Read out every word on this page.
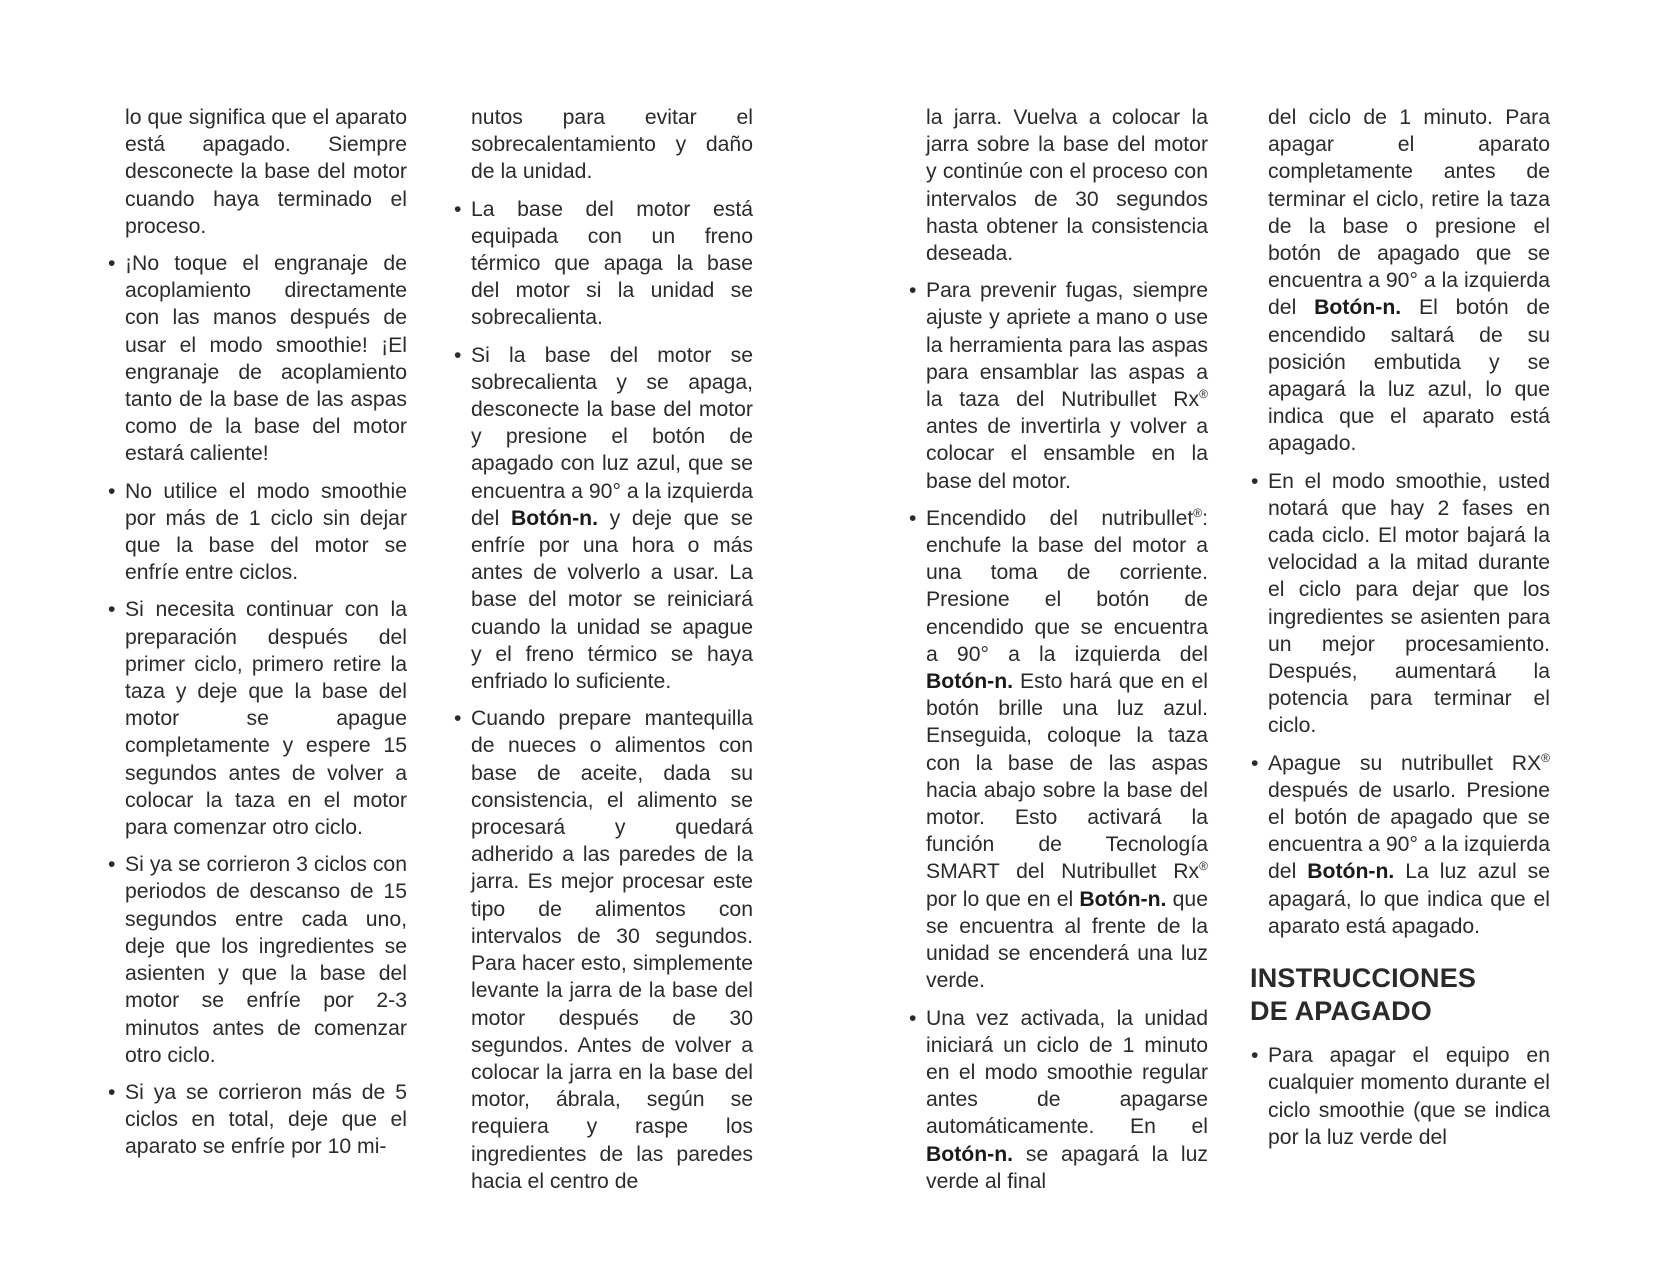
lo que significa que el aparato está apagado. Siempre desconecte la base del motor cuando haya terminado el proceso.

• ¡No toque el engranaje de acoplamiento directamente con las manos después de usar el modo smoothie! ¡El engranaje de acoplamiento tanto de la base de las aspas como de la base del motor estará caliente!

• No utilice el modo smoothie por más de 1 ciclo sin dejar que la base del motor se enfríe entre ciclos.

• Si necesita continuar con la preparación después del primer ciclo, primero retire la taza y deje que la base del motor se apague completamente y espere 15 segundos antes de volver a colocar la taza en el motor para comenzar otro ciclo.

• Si ya se corrieron 3 ciclos con periodos de descanso de 15 segundos entre cada uno, deje que los ingredientes se asienten y que la base del motor se enfríe por 2-3 minutos antes de comenzar otro ciclo.

• Si ya se corrieron más de 5 ciclos en total, deje que el aparato se enfríe por 10 mi-

nutos para evitar el sobrecalentamiento y daño de la unidad.

• La base del motor está equipada con un freno térmico que apaga la base del motor si la unidad se sobrecalienta.

• Si la base del motor se sobrecalienta y se apaga, desconecte la base del motor y presione el botón de apagado con luz azul, que se encuentra a 90° a la izquierda del Botón-n. y deje que se enfríe por una hora o más antes de volverlo a usar. La base del motor se reiniciará cuando la unidad se apague y el freno térmico se haya enfriado lo suficiente.

• Cuando prepare mantequilla de nueces o alimentos con base de aceite, dada su consistencia, el alimento se procesará y quedará adherido a las paredes de la jarra. Es mejor procesar este tipo de alimentos con intervalos de 30 segundos. Para hacer esto, simplemente levante la jarra de la base del motor después de 30 segundos. Antes de volver a colocar la jarra en la base del motor, ábrala, según se requiera y raspe los ingredientes de las paredes hacia el centro de

la jarra. Vuelva a colocar la jarra sobre la base del motor y continúe con el proceso con intervalos de 30 segundos hasta obtener la consistencia deseada.

• Para prevenir fugas, siempre ajuste y apriete a mano o use la herramienta para las aspas para ensamblar las aspas a la taza del Nutribullet Rx® antes de invertirla y volver a colocar el ensamble en la base del motor.

• Encendido del nutribullet®: enchufe la base del motor a una toma de corriente. Presione el botón de encendido que se encuentra a 90° a la izquierda del Botón-n. Esto hará que en el botón brille una luz azul. Enseguida, coloque la taza con la base de las aspas hacia abajo sobre la base del motor. Esto activará la función de Tecnología SMART del Nutribullet Rx® por lo que en el Botón-n. que se encuentra al frente de la unidad se encenderá una luz verde.

• Una vez activada, la unidad iniciará un ciclo de 1 minuto en el modo smoothie regular antes de apagarse automáticamente. En el Botón-n. se apagará la luz verde al final

del ciclo de 1 minuto. Para apagar el aparato completamente antes de terminar el ciclo, retire la taza de la base o presione el botón de apagado que se encuentra a 90° a la izquierda del Botón-n. El botón de encendido saltará de su posición embutida y se apagará la luz azul, lo que indica que el aparato está apagado.

• En el modo smoothie, usted notará que hay 2 fases en cada ciclo. El motor bajará la velocidad a la mitad durante el ciclo para dejar que los ingredientes se asienten para un mejor procesamiento. Después, aumentará la potencia para terminar el ciclo.

• Apague su nutribullet RX® después de usarlo. Presione el botón de apagado que se encuentra a 90° a la izquierda del Botón-n. La luz azul se apagará, lo que indica que el aparato está apagado.

INSTRUCCIONES
DE APAGADO

• Para apagar el equipo en cualquier momento durante el ciclo smoothie (que se indica por la luz verde del
